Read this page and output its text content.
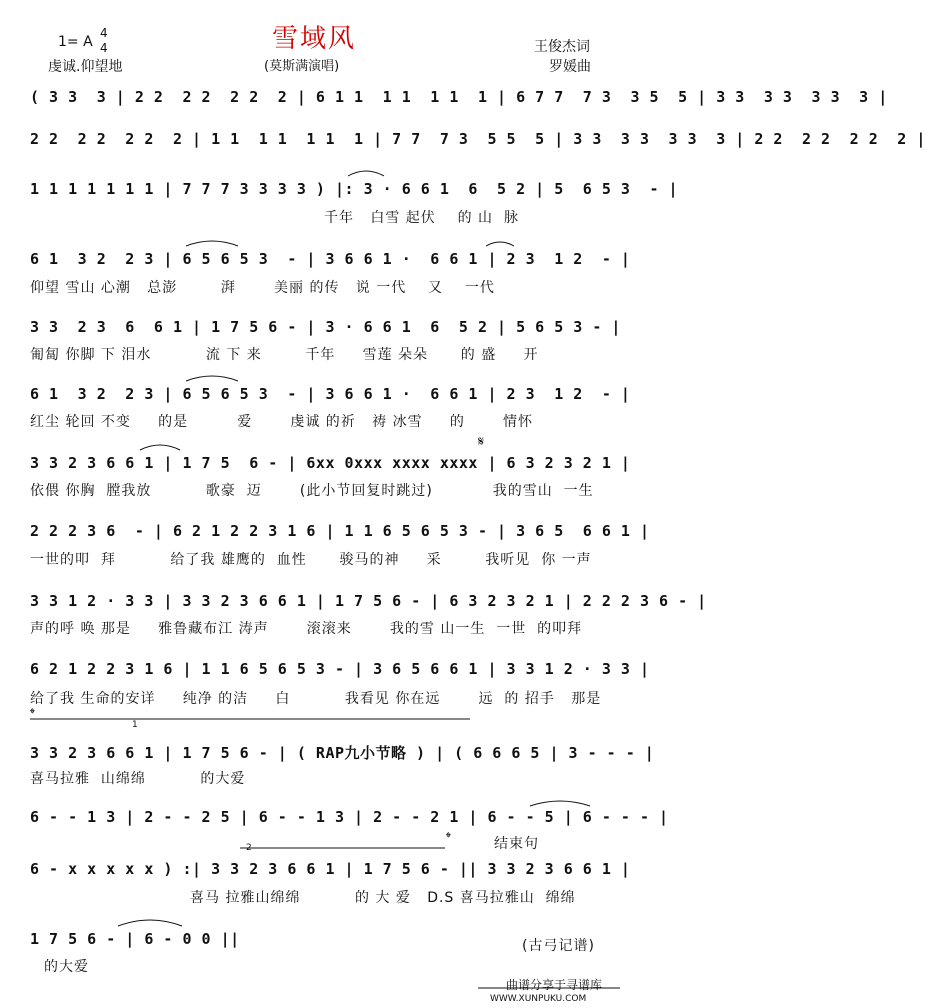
1= A
4
4
虔诚.仰望地
雪域风
(莫斯满演唱)
王俊杰词
罗媛曲
( 3 3  3 | 2 2  2 2  2 2  2 | 6 1 1  1 1  1 1  1 | 6 7 7  7 3  3 5  5 | 3 3  3 3  3 3  3 |
2 2  2 2  2 2  2 | 1 1  1 1  1 1  1 | 7 7  7 3  5 5  5 | 3 3  3 3  3 3  3 | 2 2  2 2  2 2  2 |
1 1 1 1 1 1 1 | 7 7 7 3 3 3 3 ) |: 3 · 6 6 1  6  5 2 | 5  6 5 3  - |
千年   白雪 起伏    的 山  脉
6 1  3 2  2 3 | 6 5 6 5 3  - | 3 6 6 1 ·  6 6 1 | 2 3  1 2  - |
仰望 雪山 心潮   总澎        湃       美丽 的传   说 一代    又    一代
3 3  2 3  6  6 1 | 1 7 5 6 - | 3 · 6 6 1  6  5 2 | 5 6 5 3 - |
匍匐 你脚 下 泪水          流 下 来        千年     雪莲 朵朵      的 盛     开
6 1  3 2  2 3 | 6 5 6 5 3  - | 3 6 6 1 ·  6 6 1 | 2 3  1 2  - |
红尘 轮回 不变     的是         爱       虔诚 的祈   祷 冰雪     的       情怀
𝄋
3 3 2 3 6 6 1 | 1 7 5  6 - | 6xx 0xxx xxxx xxxx | 6 3 2 3 2 1 |
依偎 你胸  膛我放          歌豪  迈       (此小节回复时跳过)           我的雪山  一生
2 2 2 3 6  - | 6 2 1 2 2 3 1 6 | 1 1 6 5 6 5 3 - | 3 6 5  6 6 1 |
一世的叩  拜          给了我 雄鹰的  血性      骏马的神     采        我听见  你 一声
3 3 1 2 · 3 3 | 3 3 2 3 6 6 1 | 1 7 5 6 - | 6 3 2 3 2 1 | 2 2 2 3 6 - |
声的呼 唤 那是     雅鲁藏布江 涛声       滚滚来       我的雪 山一生  一世  的叩拜
6 2 1 2 2 3 1 6 | 1 1 6 5 6 5 3 - | 3 6 5 6 6 1 | 3 3 1 2 · 3 3 |
给了我 生命的安详     纯净 的洁     白          我看见 你在远       远  的 招手   那是
𝄌
1
3 3 2 3 6 6 1 | 1 7 5 6 - | ( RAP九小节略 ) | ( 6 6 6 5 | 3 - - - |
喜马拉雅  山绵绵          的大爱
6 - - 1 3 | 2 - - 2 5 | 6 - - 1 3 | 2 - - 2 1 | 6 - - 5 | 6 - - - |
𝄌	结束句
2
6 - x x x x x ) :| 3 3 2 3 6 6 1 | 1 7 5 6 - || 3 3 2 3 6 6 1 |
喜马 拉雅山绵绵          的 大 爱   D.S 喜马拉雅山  绵绵
1 7 5 6 - | 6 - 0 0 ||
的大爱
(古弓记谱)
曲谱分享于寻谱库
WWW.XUNPUKU.COM
